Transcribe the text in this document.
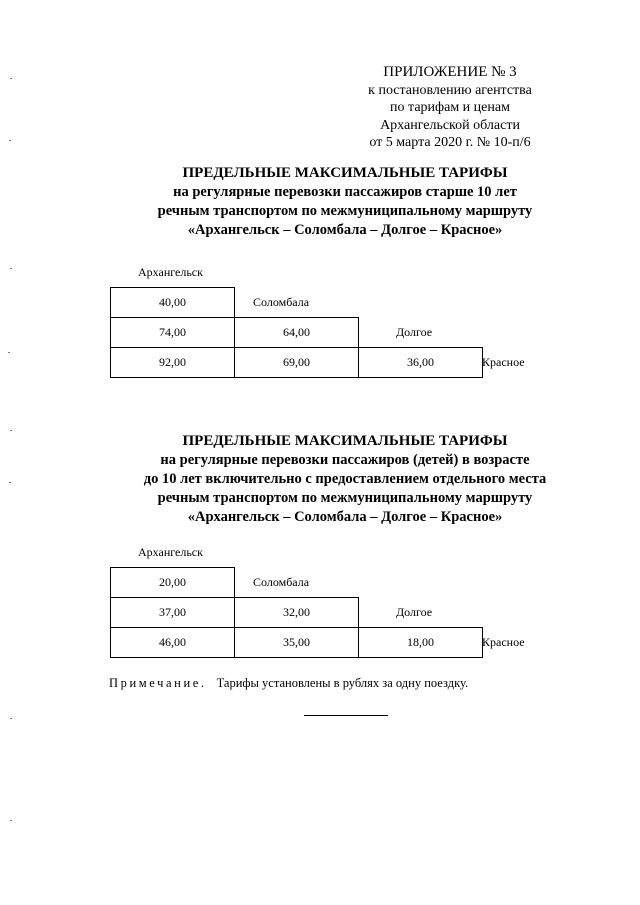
ПРИЛОЖЕНИЕ № 3
к постановлению агентства
по тарифам и ценам
Архангельской области
от 5 марта 2020 г. № 10-п/6
ПРЕДЕЛЬНЫЕ МАКСИМАЛЬНЫЕ ТАРИФЫ
на регулярные перевозки пассажиров старше 10 лет
речным транспортом по межмуниципальному маршруту
«Архангельск – Соломбала – Долгое – Красное»
Архангельск
40,00	Соломбала
74,00	64,00	Долгое
92,00	69,00	36,00	Красное
ПРЕДЕЛЬНЫЕ МАКСИМАЛЬНЫЕ ТАРИФЫ
на регулярные перевозки пассажиров (детей) в возрасте
до 10 лет включительно с предоставлением отдельного места
речным транспортом по межмуниципальному маршруту
«Архангельск – Соломбала – Долгое – Красное»
Архангельск
20,00	Соломбала
37,00	32,00	Долгое
46,00	35,00	18,00	Красное
Примечание. Тарифы установлены в рублях за одну поездку.
